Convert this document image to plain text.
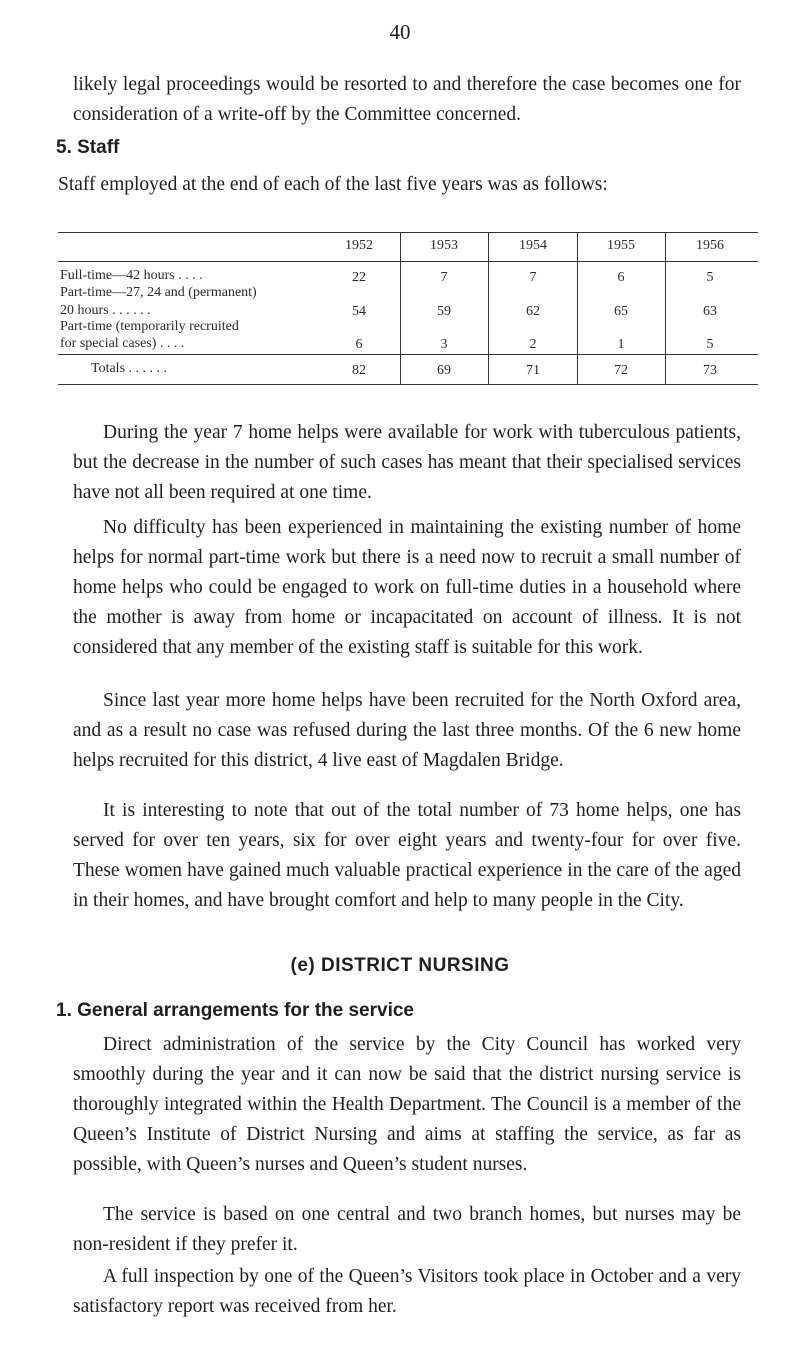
40
likely legal proceedings would be resorted to and therefore the case becomes one for consideration of a write-off by the Committee concerned.
5. Staff
Staff employed at the end of each of the last five years was as follows:
1952	1953	1954	1955	1956
Full-time—42 hours . . . .	22	7	7	6	5
Part-time—27, 24 and (permanent)
20 hours . . . . . .	54	59	62	65	63
Part-time (temporarily recruited
for special cases) . . . .	6	3	2	1	5
Totals . . . . . .	82	69	71	72	73
During the year 7 home helps were available for work with tuberculous patients, but the decrease in the number of such cases has meant that their specialised services have not all been required at one time.
No difficulty has been experienced in maintaining the existing number of home helps for normal part-time work but there is a need now to recruit a small number of home helps who could be engaged to work on full-time duties in a household where the mother is away from home or incapacitated on account of illness. It is not considered that any member of the existing staff is suitable for this work.
Since last year more home helps have been recruited for the North Oxford area, and as a result no case was refused during the last three months. Of the 6 new home helps recruited for this district, 4 live east of Magdalen Bridge.
It is interesting to note that out of the total number of 73 home helps, one has served for over ten years, six for over eight years and twenty-four for over five. These women have gained much valuable practical experience in the care of the aged in their homes, and have brought comfort and help to many people in the City.
(e) DISTRICT NURSING
1. General arrangements for the service
Direct administration of the service by the City Council has worked very smoothly during the year and it can now be said that the district nursing service is thoroughly integrated within the Health Department. The Council is a member of the Queen’s Institute of District Nursing and aims at staffing the service, as far as possible, with Queen’s nurses and Queen’s student nurses.
The service is based on one central and two branch homes, but nurses may be non-resident if they prefer it.
A full inspection by one of the Queen’s Visitors took place in October and a very satisfactory report was received from her.
